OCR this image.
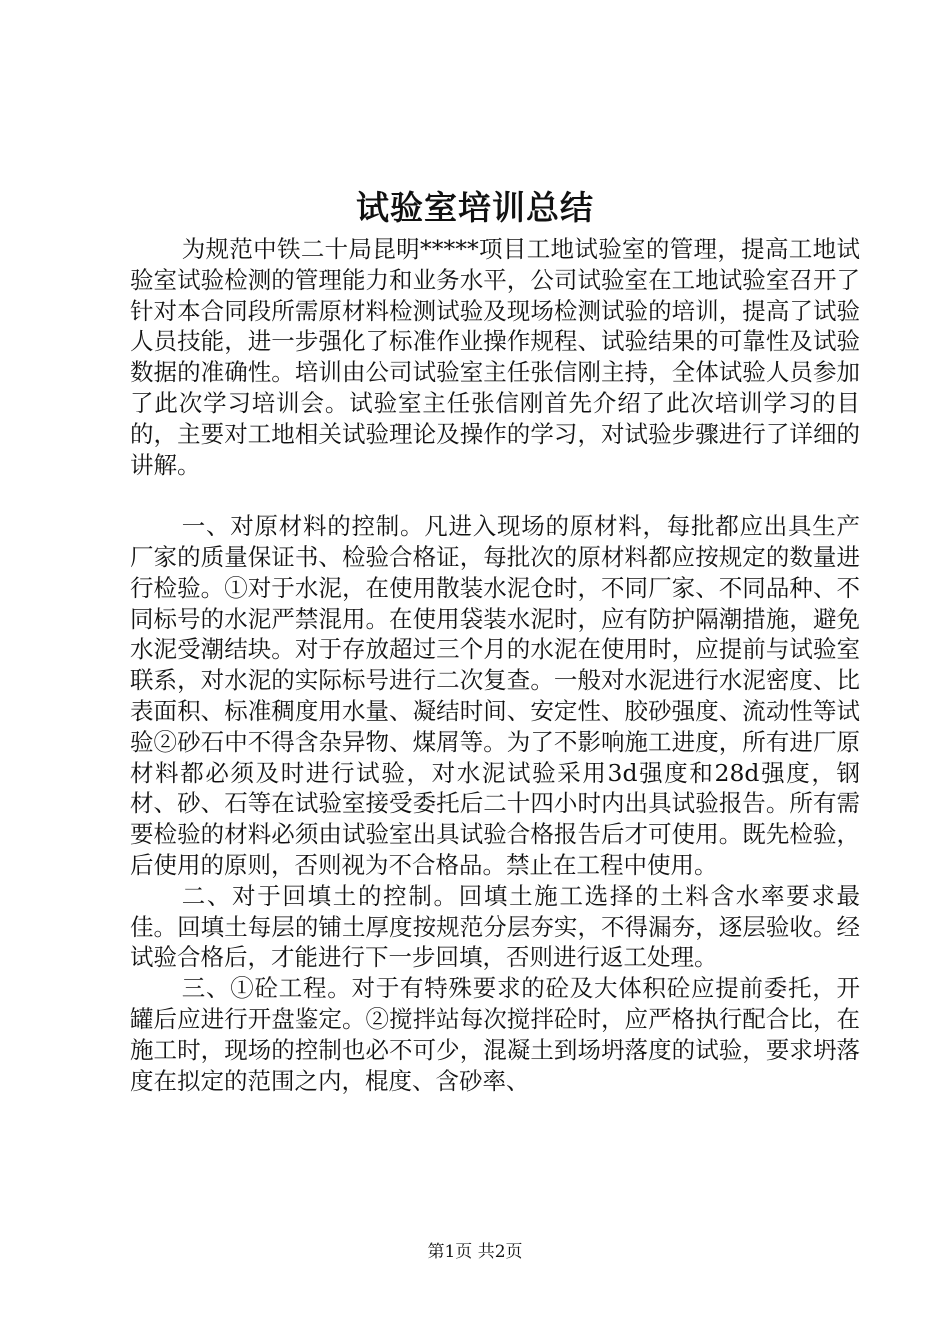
试验室培训总结

为规范中铁二十局昆明*****项目工地试验室的管理，提高工地试验室试验检测的管理能力和业务水平，公司试验室在工地试验室召开了针对本合同段所需原材料检测试验及现场检测试验的培训，提高了试验人员技能，进一步强化了标准作业操作规程、试验结果的可靠性及试验数据的准确性。培训由公司试验室主任张信刚主持，全体试验人员参加了此次学习培训会。试验室主任张信刚首先介绍了此次培训学习的目的，主要对工地相关试验理论及操作的学习，对试验步骤进行了详细的讲解。

一、对原材料的控制。凡进入现场的原材料，每批都应出具生产厂家的质量保证书、检验合格证，每批次的原材料都应按规定的数量进行检验。①对于水泥，在使用散装水泥仓时，不同厂家、不同品种、不同标号的水泥严禁混用。在使用袋装水泥时，应有防护隔潮措施，避免水泥受潮结块。对于存放超过三个月的水泥在使用时，应提前与试验室联系，对水泥的实际标号进行二次复查。一般对水泥进行水泥密度、比表面积、标准稠度用水量、凝结时间、安定性、胶砂强度、流动性等试验②砂石中不得含杂异物、煤屑等。为了不影响施工进度，所有进厂原材料都必须及时进行试验，对水泥试验采用3d强度和28d强度，钢材、砂、石等在试验室接受委托后二十四小时内出具试验报告。所有需要检验的材料必须由试验室出具试验合格报告后才可使用。既先检验，后使用的原则，否则视为不合格品。禁止在工程中使用。

二、对于回填土的控制。回填土施工选择的土料含水率要求最佳。回填土每层的铺土厚度按规范分层夯实，不得漏夯，逐层验收。经试验合格后，才能进行下一步回填，否则进行返工处理。

三、①砼工程。对于有特殊要求的砼及大体积砼应提前委托，开罐后应进行开盘鉴定。②搅拌站每次搅拌砼时，应严格执行配合比，在施工时，现场的控制也必不可少，混凝土到场坍落度的试验，要求坍落度在拟定的范围之内，棍度、含砂率、

第1页 共2页
